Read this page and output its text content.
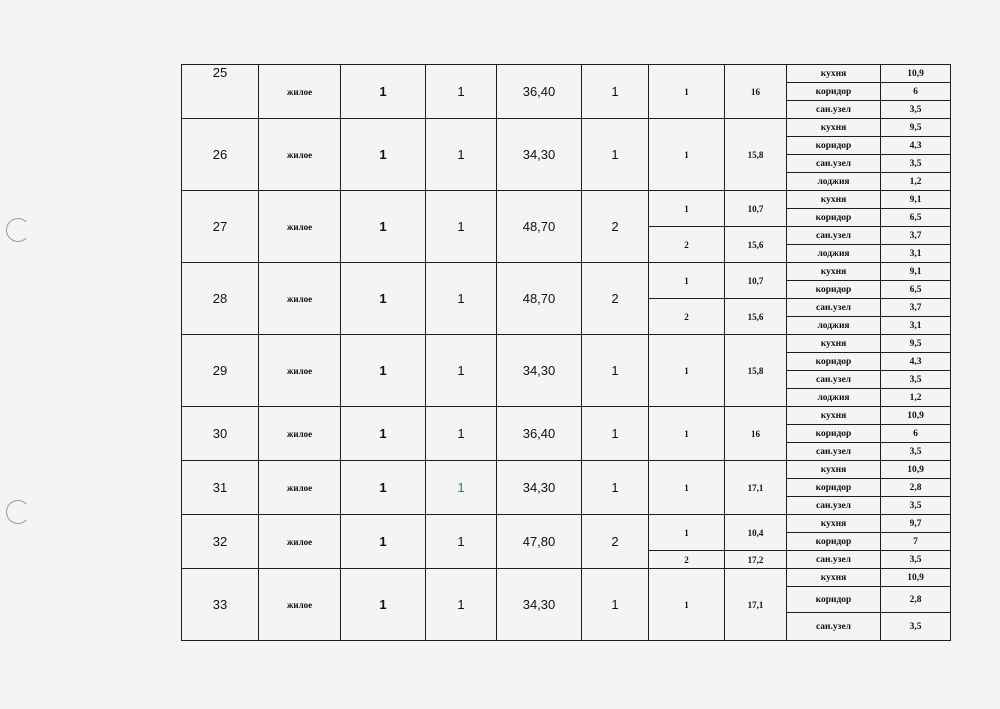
25	жилое	1	1	36,40	1	1	16	кухня	10,9
								коридор	6
								сан.узел	3,5
26	жилое	1	1	34,30	1	1	15,8	кухня	9,5
								коридор	4,3
								сан.узел	3,5
								лоджия	1,2
27	жилое	1	1	48,70	2	1	10,7	кухня	9,1
								коридор	6,5
						2	15,6	сан.узел	3,7
								лоджия	3,1
28	жилое	1	1	48,70	2	1	10,7	кухня	9,1
								коридор	6,5
						2	15,6	сан.узел	3,7
								лоджия	3,1
29	жилое	1	1	34,30	1	1	15,8	кухня	9,5
								коридор	4,3
								сан.узел	3,5
								лоджия	1,2
30	жилое	1	1	36,40	1	1	16	кухня	10,9
								коридор	6
								сан.узел	3,5
31	жилое	1	1	34,30	1	1	17,1	кухня	10,9
								коридор	2,8
								сан.узел	3,5
32	жилое	1	1	47,80	2	1	10,4	кухня	9,7
								коридор	7
						2	17,2	сан.узел	3,5
33	жилое	1	1	34,30	1	1	17,1	кухня	10,9
								коридор	2,8
								сан.узел	3,5
